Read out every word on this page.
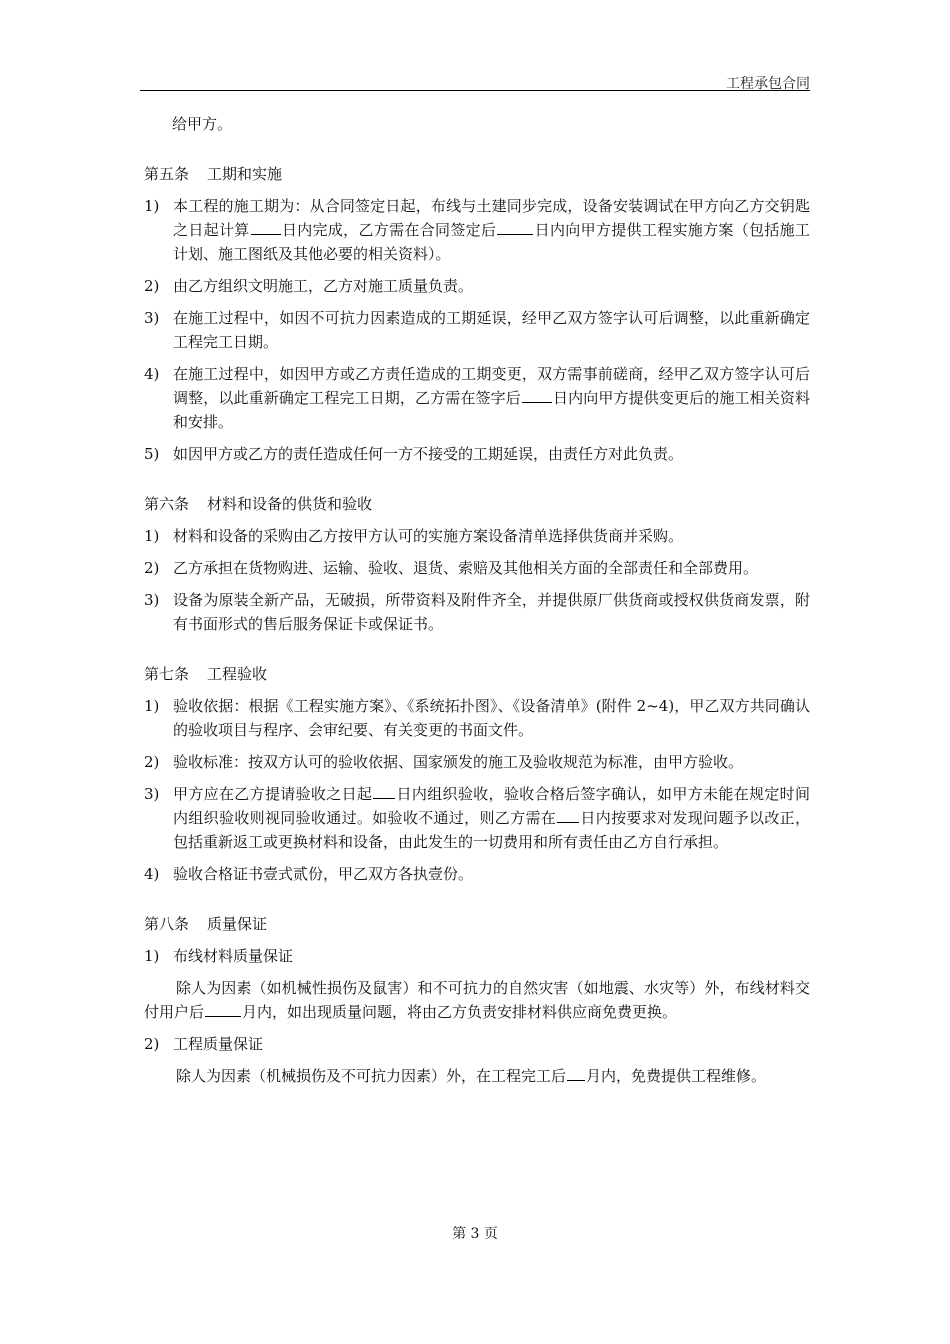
工程承包合同

给甲方。

第五条 工期和实施
1) 本工程的施工期为：从合同签定日起，布线与土建同步完成，设备安装调试在甲方向乙方交钥匙之日起计算 日内完成，乙方需在合同签定后	日内向甲方提供工程实施方案（包括施工计划、施工图纸及其他必要的相关资料）。
2) 由乙方组织文明施工，乙方对施工质量负责。
3) 在施工过程中，如因不可抗力因素造成的工期延误，经甲乙双方签字认可后调整，以此重新确定工程完工日期。
4) 在施工过程中，如因甲方或乙方责任造成的工期变更，双方需事前磋商，经甲乙双方签字认可后调整，以此重新确定工程完工日期，乙方需在签字后 日内向甲方提供变更后的施工相关资料和安排。
5) 如因甲方或乙方的责任造成任何一方不接受的工期延误，由责任方对此负责。
第六条 材料和设备的供货和验收
1) 材料和设备的采购由乙方按甲方认可的实施方案设备清单选择供货商并采购。
2) 乙方承担在货物购进、运输、验收、退货、索赔及其他相关方面的全部责任和全部费用。
3) 设备为原装全新产品，无破损，所带资料及附件齐全，并提供原厂供货商或授权供货商发票，附有书面形式的售后服务保证卡或保证书。
第七条 工程验收
1) 验收依据：根据《工程实施方案》、《系统拓扑图》、《设备清单》(附件 2~4)，甲乙双方共同确认的验收项目与程序、会审纪要、有关变更的书面文件。
2) 验收标准：按双方认可的验收依据、国家颁发的施工及验收规范为标准，由甲方验收。
3) 甲方应在乙方提请验收之日起 日内组织验收，验收合格后签字确认，如甲方未能在规定时间内组织验收则视同验收通过。如验收不通过，则乙方需在 日内按要求对发现问题予以改正，包括重新返工或更换材料和设备，由此发生的一切费用和所有责任由乙方自行承担。
4) 验收合格证书壹式贰份，甲乙双方各执壹份。
第八条 质量保证
1) 布线材料质量保证

除人为因素（如机械性损伤及鼠害）和不可抗力的自然灾害（如地震、水灾等）外，布线材料交付用户后	月内，如出现质量问题，将由乙方负责安排材料供应商免费更换。

2) 工程质量保证

除人为因素（机械损伤及不可抗力因素）外，在工程完工后 月内，免费提供工程维修。

第 3 页
